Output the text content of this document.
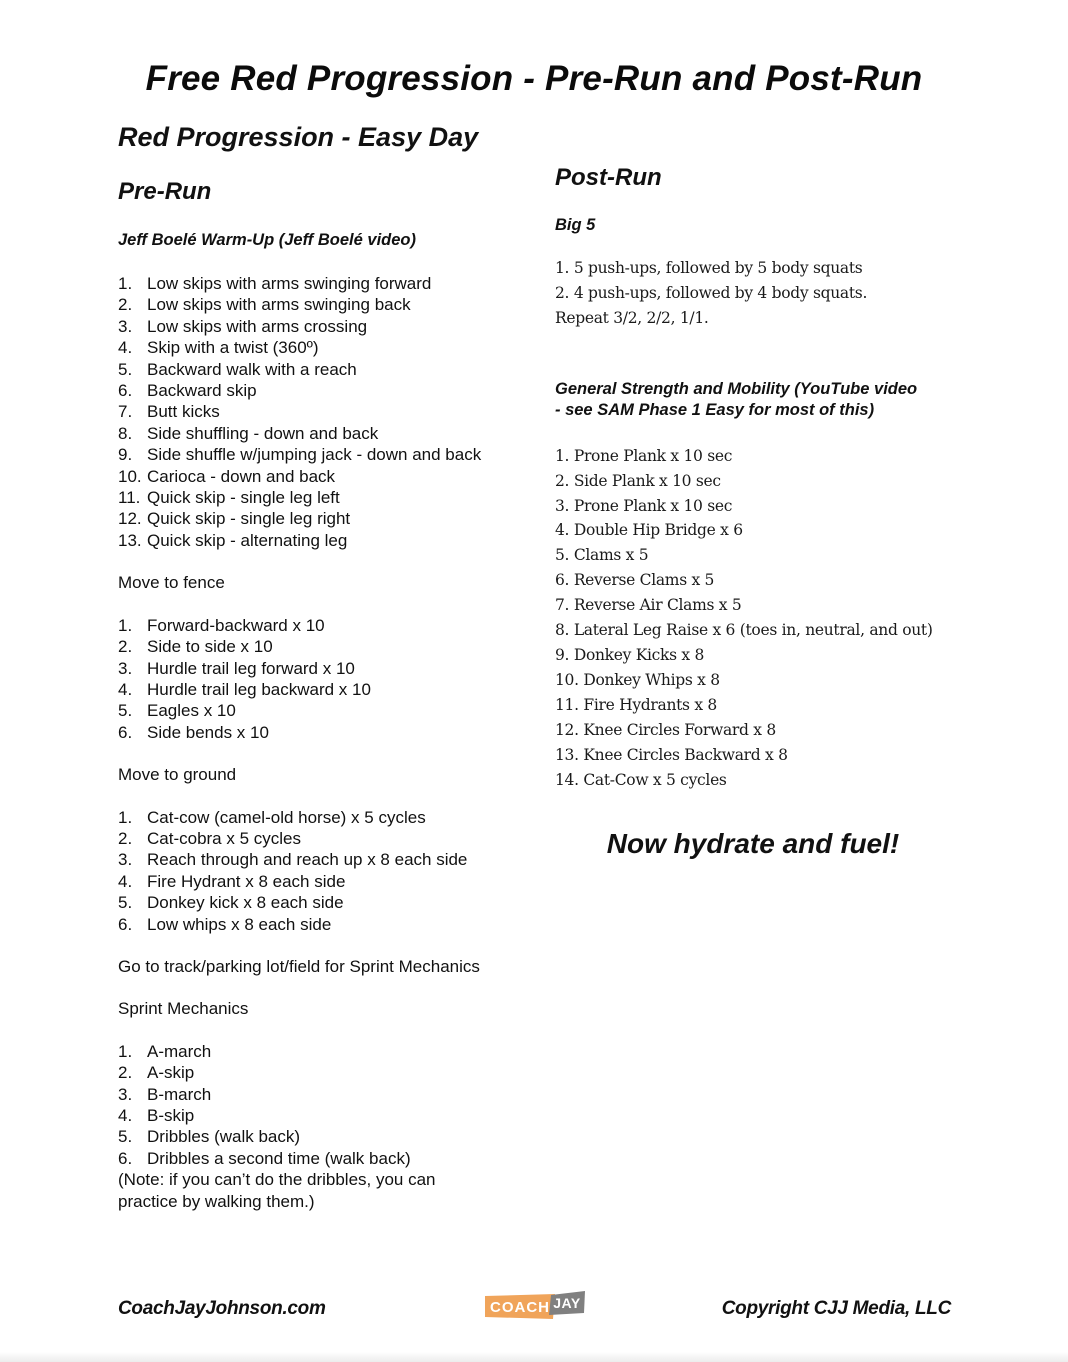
Free Red Progression - Pre-Run and Post-Run
Red Progression - Easy Day
Pre-Run
Jeff Boelé Warm-Up (Jeff Boelé video)
1. Low skips with arms swinging forward
2. Low skips with arms swinging back
3. Low skips with arms crossing
4. Skip with a twist (360º)
5. Backward walk with a reach
6. Backward skip
7. Butt kicks
8. Side shuffling - down and back
9. Side shuffle w/jumping jack - down and back
10. Carioca - down and back
11. Quick skip - single leg left
12. Quick skip - single leg right
13. Quick skip - alternating leg

Move to fence

1. Forward-backward x 10
2. Side to side x 10
3. Hurdle trail leg forward x 10
4. Hurdle trail leg backward x 10
5. Eagles x 10
6. Side bends x 10

Move to ground

1. Cat-cow (camel-old horse) x 5 cycles
2. Cat-cobra x 5 cycles
3. Reach through and reach up x 8 each side
4. Fire Hydrant x 8 each side
5. Donkey kick x 8 each side
6. Low whips x 8 each side

Go to track/parking lot/field for Sprint Mechanics

Sprint Mechanics

1. A-march
2. A-skip
3. B-march
4. B-skip
5. Dribbles (walk back)
6. Dribbles a second time (walk back)

(Note: if you can’t do the dribbles, you can

practice by walking them.)

Post-Run
Big 5

1. 5 push-ups, followed by 5 body squats

2. 4 push-ups, followed by 4 body squats.

Repeat 3/2, 2/2, 1/1.

General Strength and Mobility (YouTube video
- see SAM Phase 1 Easy for most of this)
1. Prone Plank x 10 sec
2. Side Plank x 10 sec
3. Prone Plank x 10 sec
4. Double Hip Bridge x 6
5. Clams x 5
6. Reverse Clams x 5
7. Reverse Air Clams x 5
8. Lateral Leg Raise x 6 (toes in, neutral, and out)
9. Donkey Kicks x 8
10. Donkey Whips x 8
11. Fire Hydrants x 8
12. Knee Circles Forward x 8
13. Knee Circles Backward x 8
14. Cat-Cow x 5 cycles
Now hydrate and fuel!
CoachJayJohnson.com	COACH JAY	Copyright CJJ Media, LLC
